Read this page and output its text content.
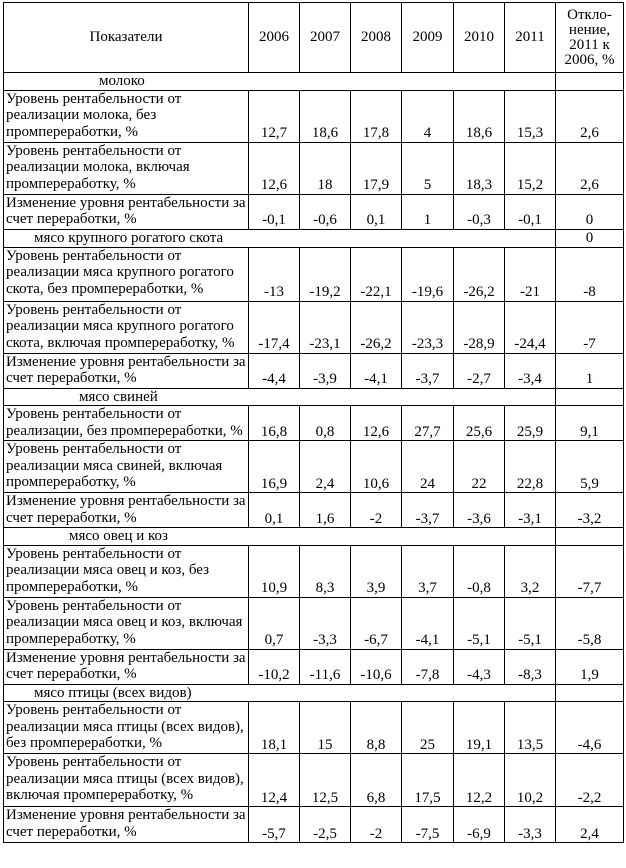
Показатели	2006	2007	2008	2009	2010	2011	Откло-нение, 2011 к 2006, %
молоко							
Уровень рентабельности от реализации молока, без промпереработки, %	12,7	18,6	17,8	4	18,6	15,3	2,6
Уровень рентабельности от реализации молока, включая промпереработку, %	12,6	18	17,9	5	18,3	15,2	2,6
Изменение уровня рентабельности за счет переработки, %	-0,1	-0,6	0,1	1	-0,3	-0,1	0
мясо крупного рогатого скота							0
Уровень рентабельности от реализации мяса крупного рогатого скота, без промпереработки, %	-13	-19,2	-22,1	-19,6	-26,2	-21	-8
Уровень рентабельности от реализации мяса крупного рогатого скота, включая промпереработку, %	-17,4	-23,1	-26,2	-23,3	-28,9	-24,4	-7
Изменение уровня рентабельности за счет переработки, %	-4,4	-3,9	-4,1	-3,7	-2,7	-3,4	1
мясо свиней							
Уровень рентабельности от реализации, без промпереработки, %	16,8	0,8	12,6	27,7	25,6	25,9	9,1
Уровень рентабельности от реализации мяса свиней, включая промпереработку, %	16,9	2,4	10,6	24	22	22,8	5,9
Изменение уровня рентабельности за счет переработки, %	0,1	1,6	-2	-3,7	-3,6	-3,1	-3,2
мясо овец и коз							
Уровень рентабельности от реализации мяса овец и коз, без промпереработки, %	10,9	8,3	3,9	3,7	-0,8	3,2	-7,7
Уровень рентабельности от реализации мяса овец и коз, включая промпереработку, %	0,7	-3,3	-6,7	-4,1	-5,1	-5,1	-5,8
Изменение уровня рентабельности за счет переработки, %	-10,2	-11,6	-10,6	-7,8	-4,3	-8,3	1,9
мясо птицы (всех видов)							
Уровень рентабельности от реализации мяса птицы (всех видов), без промпереработки, %	18,1	15	8,8	25	19,1	13,5	-4,6
Уровень рентабельности от реализации мяса птицы (всех видов), включая промпереработку, %	12,4	12,5	6,8	17,5	12,2	10,2	-2,2
Изменение уровня рентабельности за счет переработки, %	-5,7	-2,5	-2	-7,5	-6,9	-3,3	2,4
